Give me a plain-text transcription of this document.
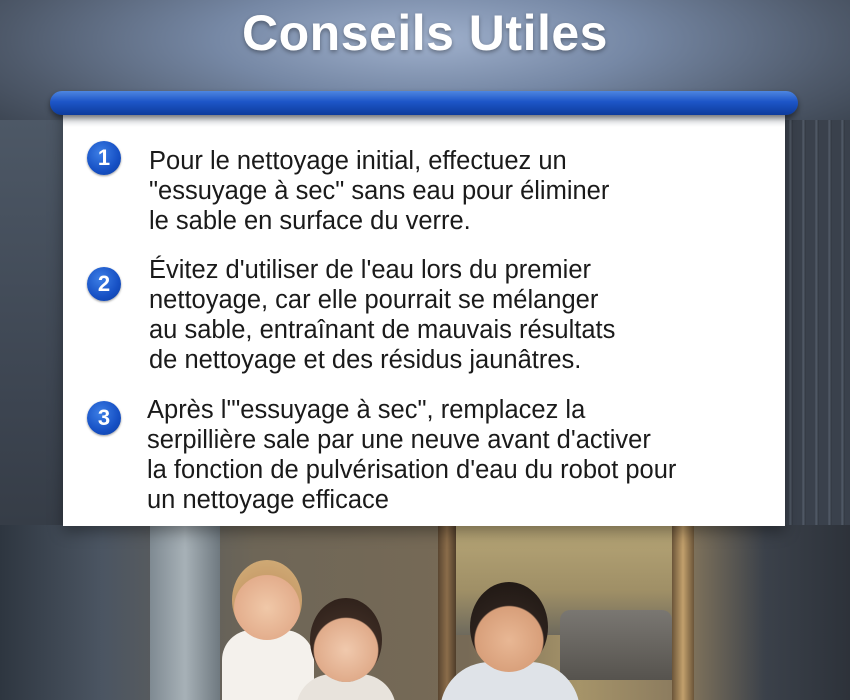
Conseils Utiles
1	Pour le nettoyage initial, effectuez un
"essuyage à sec" sans eau pour éliminer
le sable en surface du verre.
2	Évitez d'utiliser de l'eau lors du premier
nettoyage, car elle pourrait se mélanger
au sable, entraînant de mauvais résultats
de nettoyage et des résidus jaunâtres.
3	Après l'"essuyage à sec", remplacez la
serpillière sale par une neuve avant d'activer
la fonction de pulvérisation d'eau du robot pour
un nettoyage efficace
